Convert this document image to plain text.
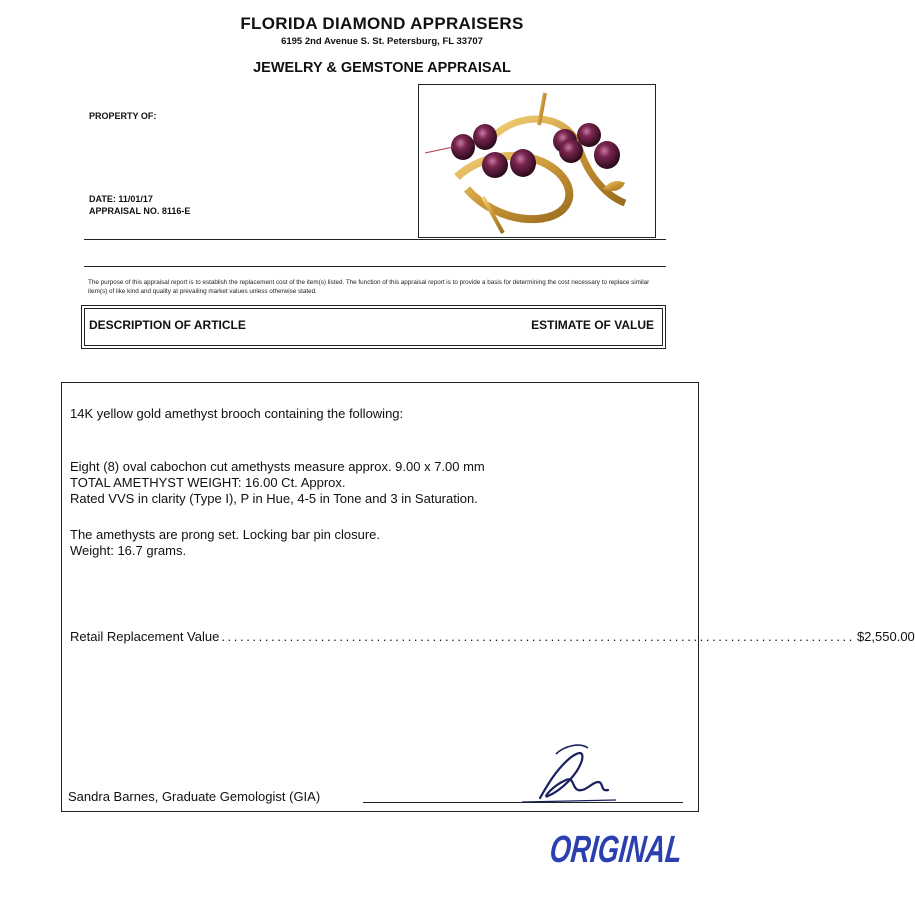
FLORIDA DIAMOND APPRAISERS
6195 2nd Avenue S. St. Petersburg, FL 33707
JEWELRY & GEMSTONE APPRAISAL
PROPERTY OF:
DATE: 11/01/17
APPRAISAL NO. 8116-E
The purpose of this appraisal report is to establish the replacement cost of the item(s) listed. The function of this appraisal report is to provide a basis for determining the cost necessary to replace similar item(s) of like kind and quality at prevailing market values unless otherwise stated.
DESCRIPTION OF ARTICLE	ESTIMATE OF VALUE
14K yellow gold amethyst brooch containing the following:
Eight (8) oval cabochon cut amethysts measure approx. 9.00 x 7.00 mm
TOTAL AMETHYST WEIGHT: 16.00 Ct. Approx.
Rated VVS in clarity (Type I), P in Hue, 4-5 in Tone and 3 in Saturation.
The amethysts are prong set. Locking bar pin closure.
Weight: 16.7 grams.
Retail Replacement Value
.....	$2,550.00
Sandra Barnes, Graduate Gemologist (GIA)
ORIGINAL
